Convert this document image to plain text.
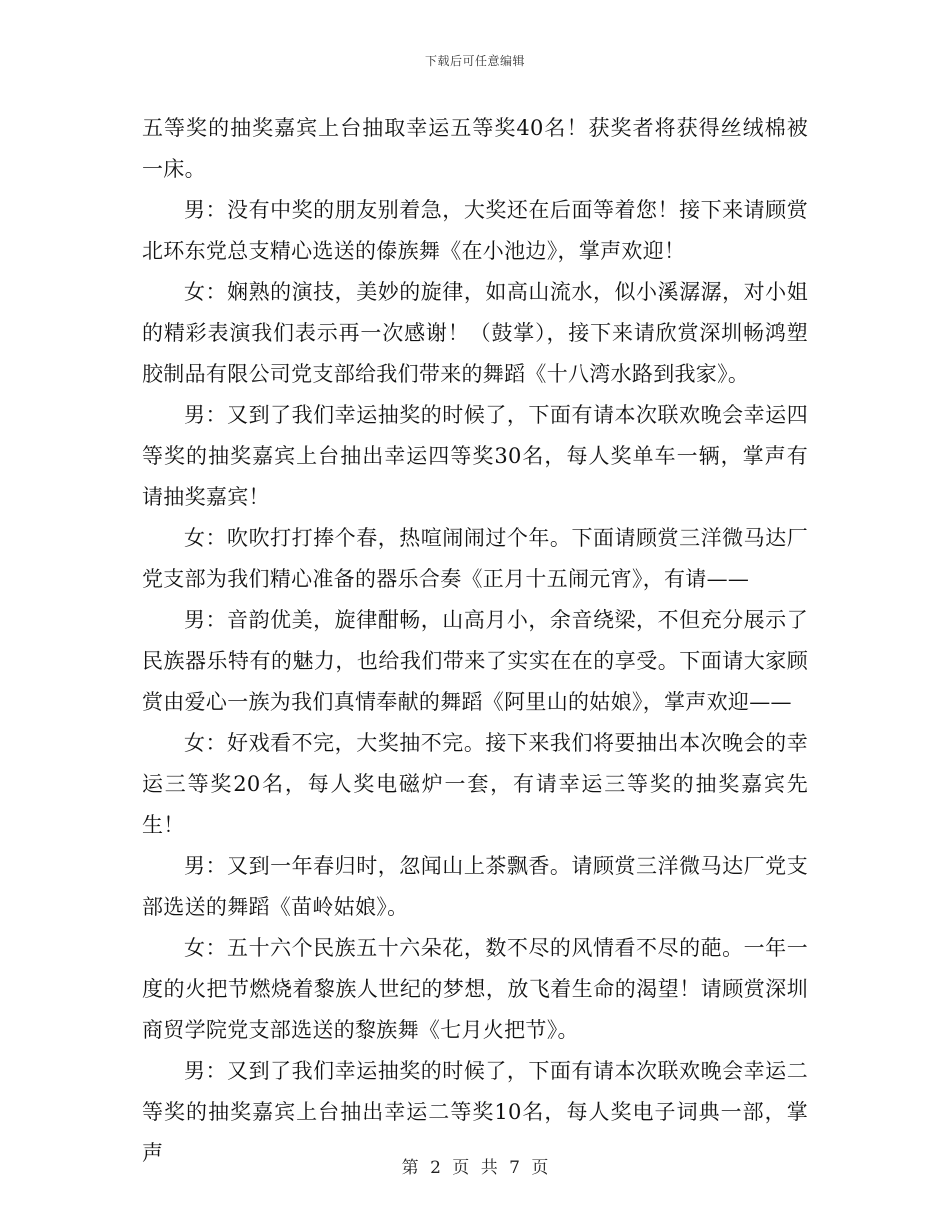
下载后可任意编辑

五等奖的抽奖嘉宾上台抽取幸运五等奖40名！获奖者将获得丝绒棉被一床。

男：没有中奖的朋友别着急，大奖还在后面等着您！接下来请顾赏北环东党总支精心选送的傣族舞《在小池边》，掌声欢迎！

女：娴熟的演技，美妙的旋律，如高山流水，似小溪潺潺，对小姐的精彩表演我们表示再一次感谢！（鼓掌），接下来请欣赏深圳畅鸿塑胶制品有限公司党支部给我们带来的舞蹈《十八湾水路到我家》。

男：又到了我们幸运抽奖的时候了，下面有请本次联欢晚会幸运四等奖的抽奖嘉宾上台抽出幸运四等奖30名，每人奖单车一辆，掌声有请抽奖嘉宾！

女：吹吹打打捧个春，热喧闹闹过个年。下面请顾赏三洋微马达厂党支部为我们精心准备的器乐合奏《正月十五闹元宵》，有请——

男：音韵优美，旋律酣畅，山高月小，余音绕梁，不但充分展示了民族器乐特有的魅力，也给我们带来了实实在在的享受。下面请大家顾赏由爱心一族为我们真情奉献的舞蹈《阿里山的姑娘》，掌声欢迎——

女：好戏看不完，大奖抽不完。接下来我们将要抽出本次晚会的幸运三等奖20名，每人奖电磁炉一套，有请幸运三等奖的抽奖嘉宾先生！

男：又到一年春归时，忽闻山上茶飘香。请顾赏三洋微马达厂党支部选送的舞蹈《苗岭姑娘》。

女：五十六个民族五十六朵花，数不尽的风情看不尽的葩。一年一度的火把节燃烧着黎族人世纪的梦想，放飞着生命的渴望！请顾赏深圳商贸学院党支部选送的黎族舞《七月火把节》。

男：又到了我们幸运抽奖的时候了，下面有请本次联欢晚会幸运二等奖的抽奖嘉宾上台抽出幸运二等奖10名，每人奖电子词典一部，掌声

第 2 页 共 7 页
